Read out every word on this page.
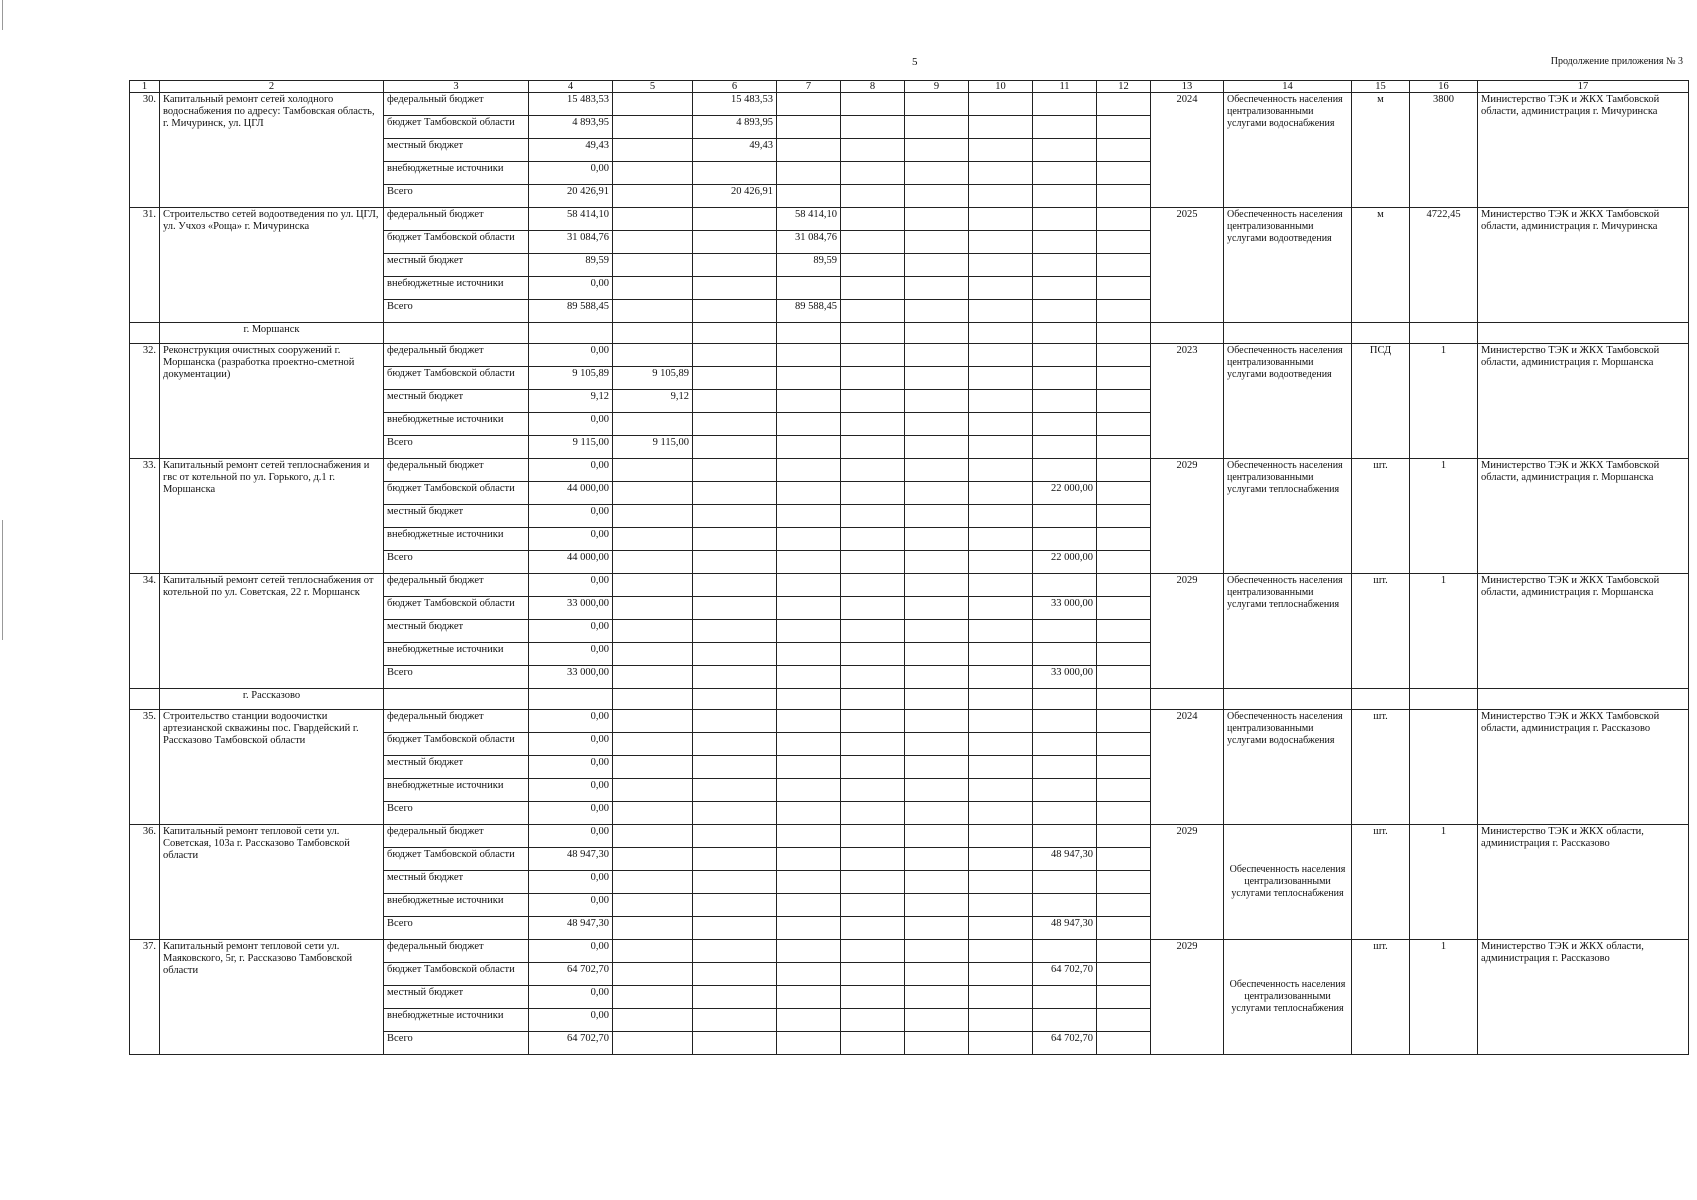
5	Продолжение приложения № 3
1	2	3	4	5	6	7	8	9	10	11	12	13	14	15	16	17
30.	Капитальный ремонт сетей холодного водоснабжения по адресу: Тамбовская область, г. Мичуринск, ул. ЦГЛ	федеральный бюджет	15 483,53		15 483,53							2024	Обеспеченность населения централизованными услугами водоснабжения	м	3800	Министерство ТЭК и ЖКХ Тамбовской области, администрация г. Мичуринска
		бюджет Тамбовской области	4 893,95		4 893,95											
		местный бюджет	49,43		49,43											
		внебюджетные источники	0,00													
		Всего	20 426,91		20 426,91											
31.	Строительство сетей водоотведения по ул. ЦГЛ, ул. Учхоз «Роща» г. Мичуринска	федеральный бюджет	58 414,10			58 414,10						2025	Обеспеченность населения централизованными услугами водоотведения	м	4722,45	Министерство ТЭК и ЖКХ Тамбовской области, администрация г. Мичуринска
		бюджет Тамбовской области	31 084,76			31 084,76										
		местный бюджет	89,59			89,59										
		внебюджетные источники	0,00													
		Всего	89 588,45			89 588,45										
	г. Моршанск															
32.	Реконструкция очистных сооружений г. Моршанска (разработка проектно-сметной документации)	федеральный бюджет	0,00									2023	Обеспеченность населения централизованными услугами водоотведения	ПСД	1	Министерство ТЭК и ЖКХ Тамбовской области, администрация г. Моршанска
		бюджет Тамбовской области	9 105,89	9 105,89												
		местный бюджет	9,12	9,12												
		внебюджетные источники	0,00													
		Всего	9 115,00	9 115,00												
33.	Капитальный ремонт сетей теплоснабжения и гвс от котельной по ул. Горького, д.1 г. Моршанска	федеральный бюджет	0,00									2029	Обеспеченность населения централизованными услугами теплоснабжения	шт.	1	Министерство ТЭК и ЖКХ Тамбовской области, администрация г. Моршанска
		бюджет Тамбовской области	44 000,00							22 000,00						
		местный бюджет	0,00													
		внебюджетные источники	0,00													
		Всего	44 000,00							22 000,00						
34.	Капитальный ремонт сетей теплоснабжения от котельной по ул. Советская, 22 г. Моршанск	федеральный бюджет	0,00									2029	Обеспеченность населения централизованными услугами теплоснабжения	шт.	1	Министерство ТЭК и ЖКХ Тамбовской области, администрация г. Моршанска
		бюджет Тамбовской области	33 000,00							33 000,00						
		местный бюджет	0,00													
		внебюджетные источники	0,00													
		Всего	33 000,00							33 000,00						
	г. Рассказово															
35.	Строительство станции водоочистки артезианской скважины пос. Гвардейский г. Рассказово Тамбовской области	федеральный бюджет	0,00									2024	Обеспеченность населения централизованными услугами водоснабжения	шт.		Министерство ТЭК и ЖКХ Тамбовской области, администрация г. Рассказово
		бюджет Тамбовской области	0,00													
		местный бюджет	0,00													
		внебюджетные источники	0,00													
		Всего	0,00													
36.	Капитальный ремонт тепловой сети ул. Советская, 103а г. Рассказово Тамбовской области	федеральный бюджет	0,00									2029	Обеспеченность населения централизованными услугами теплоснабжения	шт.	1	Министерство ТЭК и ЖКХ области, администрация г. Рассказово
		бюджет Тамбовской области	48 947,30							48 947,30						
		местный бюджет	0,00													
		внебюджетные источники	0,00													
		Всего	48 947,30							48 947,30						
37.	Капитальный ремонт тепловой сети ул. Маяковского, 5г, г. Рассказово Тамбовской области	федеральный бюджет	0,00									2029	Обеспеченность населения централизованными услугами теплоснабжения	шт.	1	Министерство ТЭК и ЖКХ области, администрация г. Рассказово
		бюджет Тамбовской области	64 702,70							64 702,70						
		местный бюджет	0,00													
		внебюджетные источники	0,00													
		Всего	64 702,70							64 702,70						
